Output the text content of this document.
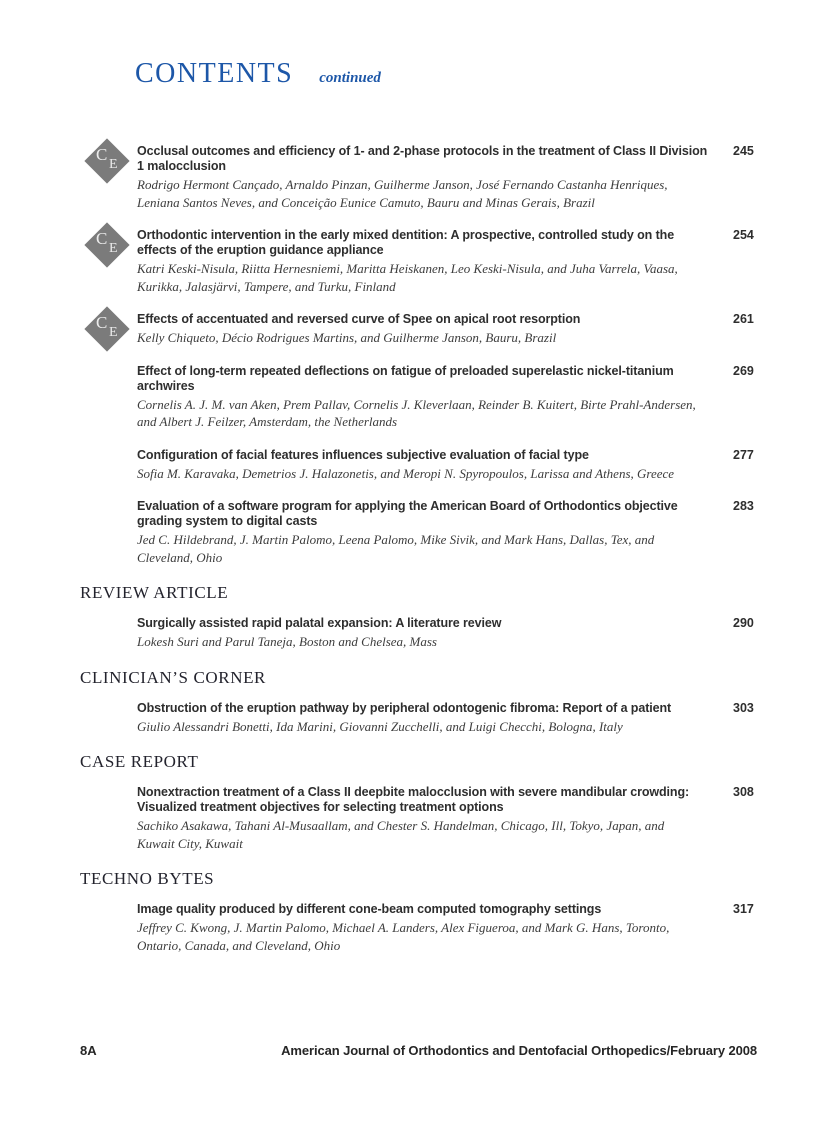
CONTENTS continued
C
E
Occlusal outcomes and efficiency of 1- and 2-phase protocols in the treatment of Class II Division 1 malocclusion
Rodrigo Hermont Cançado, Arnaldo Pinzan, Guilherme Janson, José Fernando Castanha Henriques, Leniana Santos Neves, and Conceição Eunice Camuto, Bauru and Minas Gerais, Brazil
245
C
E
Orthodontic intervention in the early mixed dentition: A prospective, controlled study on the effects of the eruption guidance appliance
Katri Keski-Nisula, Riitta Hernesniemi, Maritta Heiskanen, Leo Keski-Nisula, and Juha Varrela, Vaasa, Kurikka, Jalasjärvi, Tampere, and Turku, Finland
254
C
E
Effects of accentuated and reversed curve of Spee on apical root resorption
Kelly Chiqueto, Décio Rodrigues Martins, and Guilherme Janson, Bauru, Brazil
261
Effect of long-term repeated deflections on fatigue of preloaded superelastic nickel-titanium archwires
Cornelis A. J. M. van Aken, Prem Pallav, Cornelis J. Kleverlaan, Reinder B. Kuitert, Birte Prahl-Andersen, and Albert J. Feilzer, Amsterdam, the Netherlands
269
Configuration of facial features influences subjective evaluation of facial type
Sofia M. Karavaka, Demetrios J. Halazonetis, and Meropi N. Spyropoulos, Larissa and Athens, Greece
277
Evaluation of a software program for applying the American Board of Orthodontics objective grading system to digital casts
Jed C. Hildebrand, J. Martin Palomo, Leena Palomo, Mike Sivik, and Mark Hans, Dallas, Tex, and Cleveland, Ohio
283
REVIEW ARTICLE
Surgically assisted rapid palatal expansion: A literature review
Lokesh Suri and Parul Taneja, Boston and Chelsea, Mass
290
CLINICIAN’S CORNER
Obstruction of the eruption pathway by peripheral odontogenic fibroma: Report of a patient
Giulio Alessandri Bonetti, Ida Marini, Giovanni Zucchelli, and Luigi Checchi, Bologna, Italy
303
CASE REPORT
Nonextraction treatment of a Class II deepbite malocclusion with severe mandibular crowding: Visualized treatment objectives for selecting treatment options
Sachiko Asakawa, Tahani Al-Musaallam, and Chester S. Handelman, Chicago, Ill, Tokyo, Japan, and Kuwait City, Kuwait
308
TECHNO BYTES
Image quality produced by different cone-beam computed tomography settings
Jeffrey C. Kwong, J. Martin Palomo, Michael A. Landers, Alex Figueroa, and Mark G. Hans, Toronto, Ontario, Canada, and Cleveland, Ohio
317
8A	American Journal of Orthodontics and Dentofacial Orthopedics/February 2008
